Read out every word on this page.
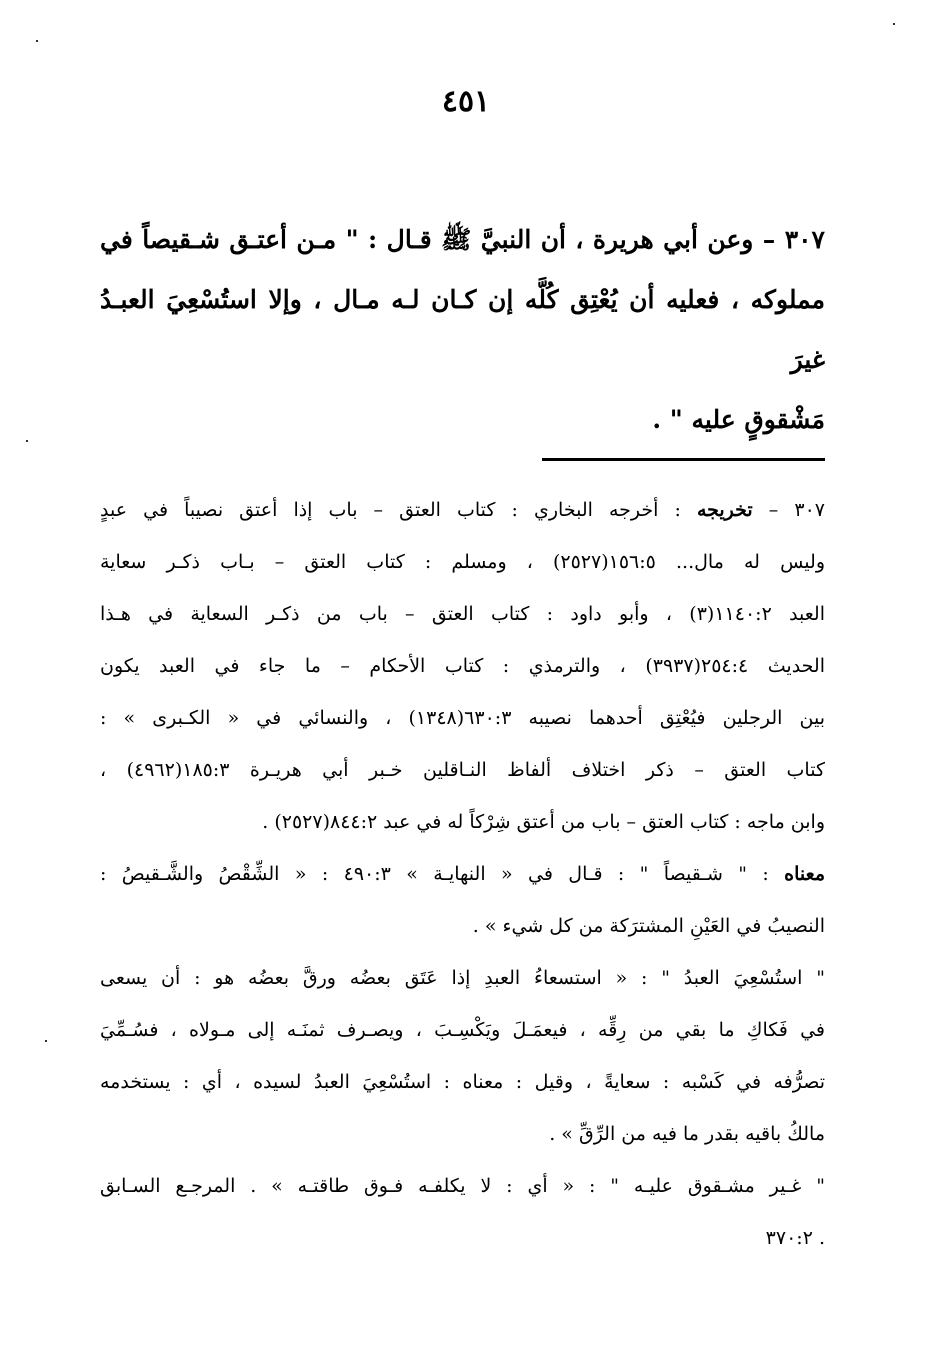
٤٥١

٣٠٧ – وعن أبي هريرة ، أن النبيَّ ﷺ قـال : " مـن أعتـق شـقيصاً في

مملوكه ، فعليه أن يُعْتِق كُلَّه إن كـان لـه مـال ، وإلا استُسْعِيَ العبـدُ غيرَ

مَشْقوقٍ عليه " .

٣٠٧ – تخريجه : أخرجه البخاري : كتاب العتق – باب إذا أعتق نصيباً في عبدٍ
وليس له مال... ١٥٦:٥(٢٥٢٧) ، ومسلم : كتاب العتق – بـاب ذكـر سعاية
العبد ١١٤٠:٢(٣) ، وأبو داود : كتاب العتق – باب من ذكـر السعاية في هـذا
الحديث ٢٥٤:٤(٣٩٣٧) ، والترمذي : كتاب الأحكام – ما جاء في العبد يكون
بين الرجلين فيُعْتِق أحدهما نصيبه ٦٣٠:٣(١٣٤٨) ، والنسائي في « الكـبرى » :
كتاب العتق – ذكر اختلاف ألفاظ النـاقلين خـبر أبي هريـرة ١٨٥:٣(٤٩٦٢) ،
وابن ماجه : كتاب العتق – باب من أعتق شِرْكاً له في عبد ٨٤٤:٢(٢٥٢٧) .
معناه : " شـقيصاً " : قـال في « النهايـة » ٤٩٠:٣ : « الشِّقْصُ والشَّـقيصُ :
النصيبُ في العَيْنِ المشترَكة من كل شيء » .
" استُسْعِيَ العبدُ " : « استسعاءُ العبدِ إذا عَتَق بعضُه ورقَّ بعضُه هو : أن يسعى
في فَكاكِ ما بقي من رِقِّه ، فيعمَـلَ ويَكْسِـبَ ، ويصـرف ثمنَـه إلى مـولاه ، فسُـمِّيَ
تصرُّفه في كَسْبه : سعايةً ، وقيل : معناه : استُسْعِيَ العبدُ لسيده ، أي : يستخدمه
مالكُ باقيه بقدر ما فيه من الرِّقِّ » .
" غـير مشـقوق عليـه " : « أي : لا يكلفـه فـوق طاقتـه » . المرجـع السـابق
. ٣٧٠:٢
